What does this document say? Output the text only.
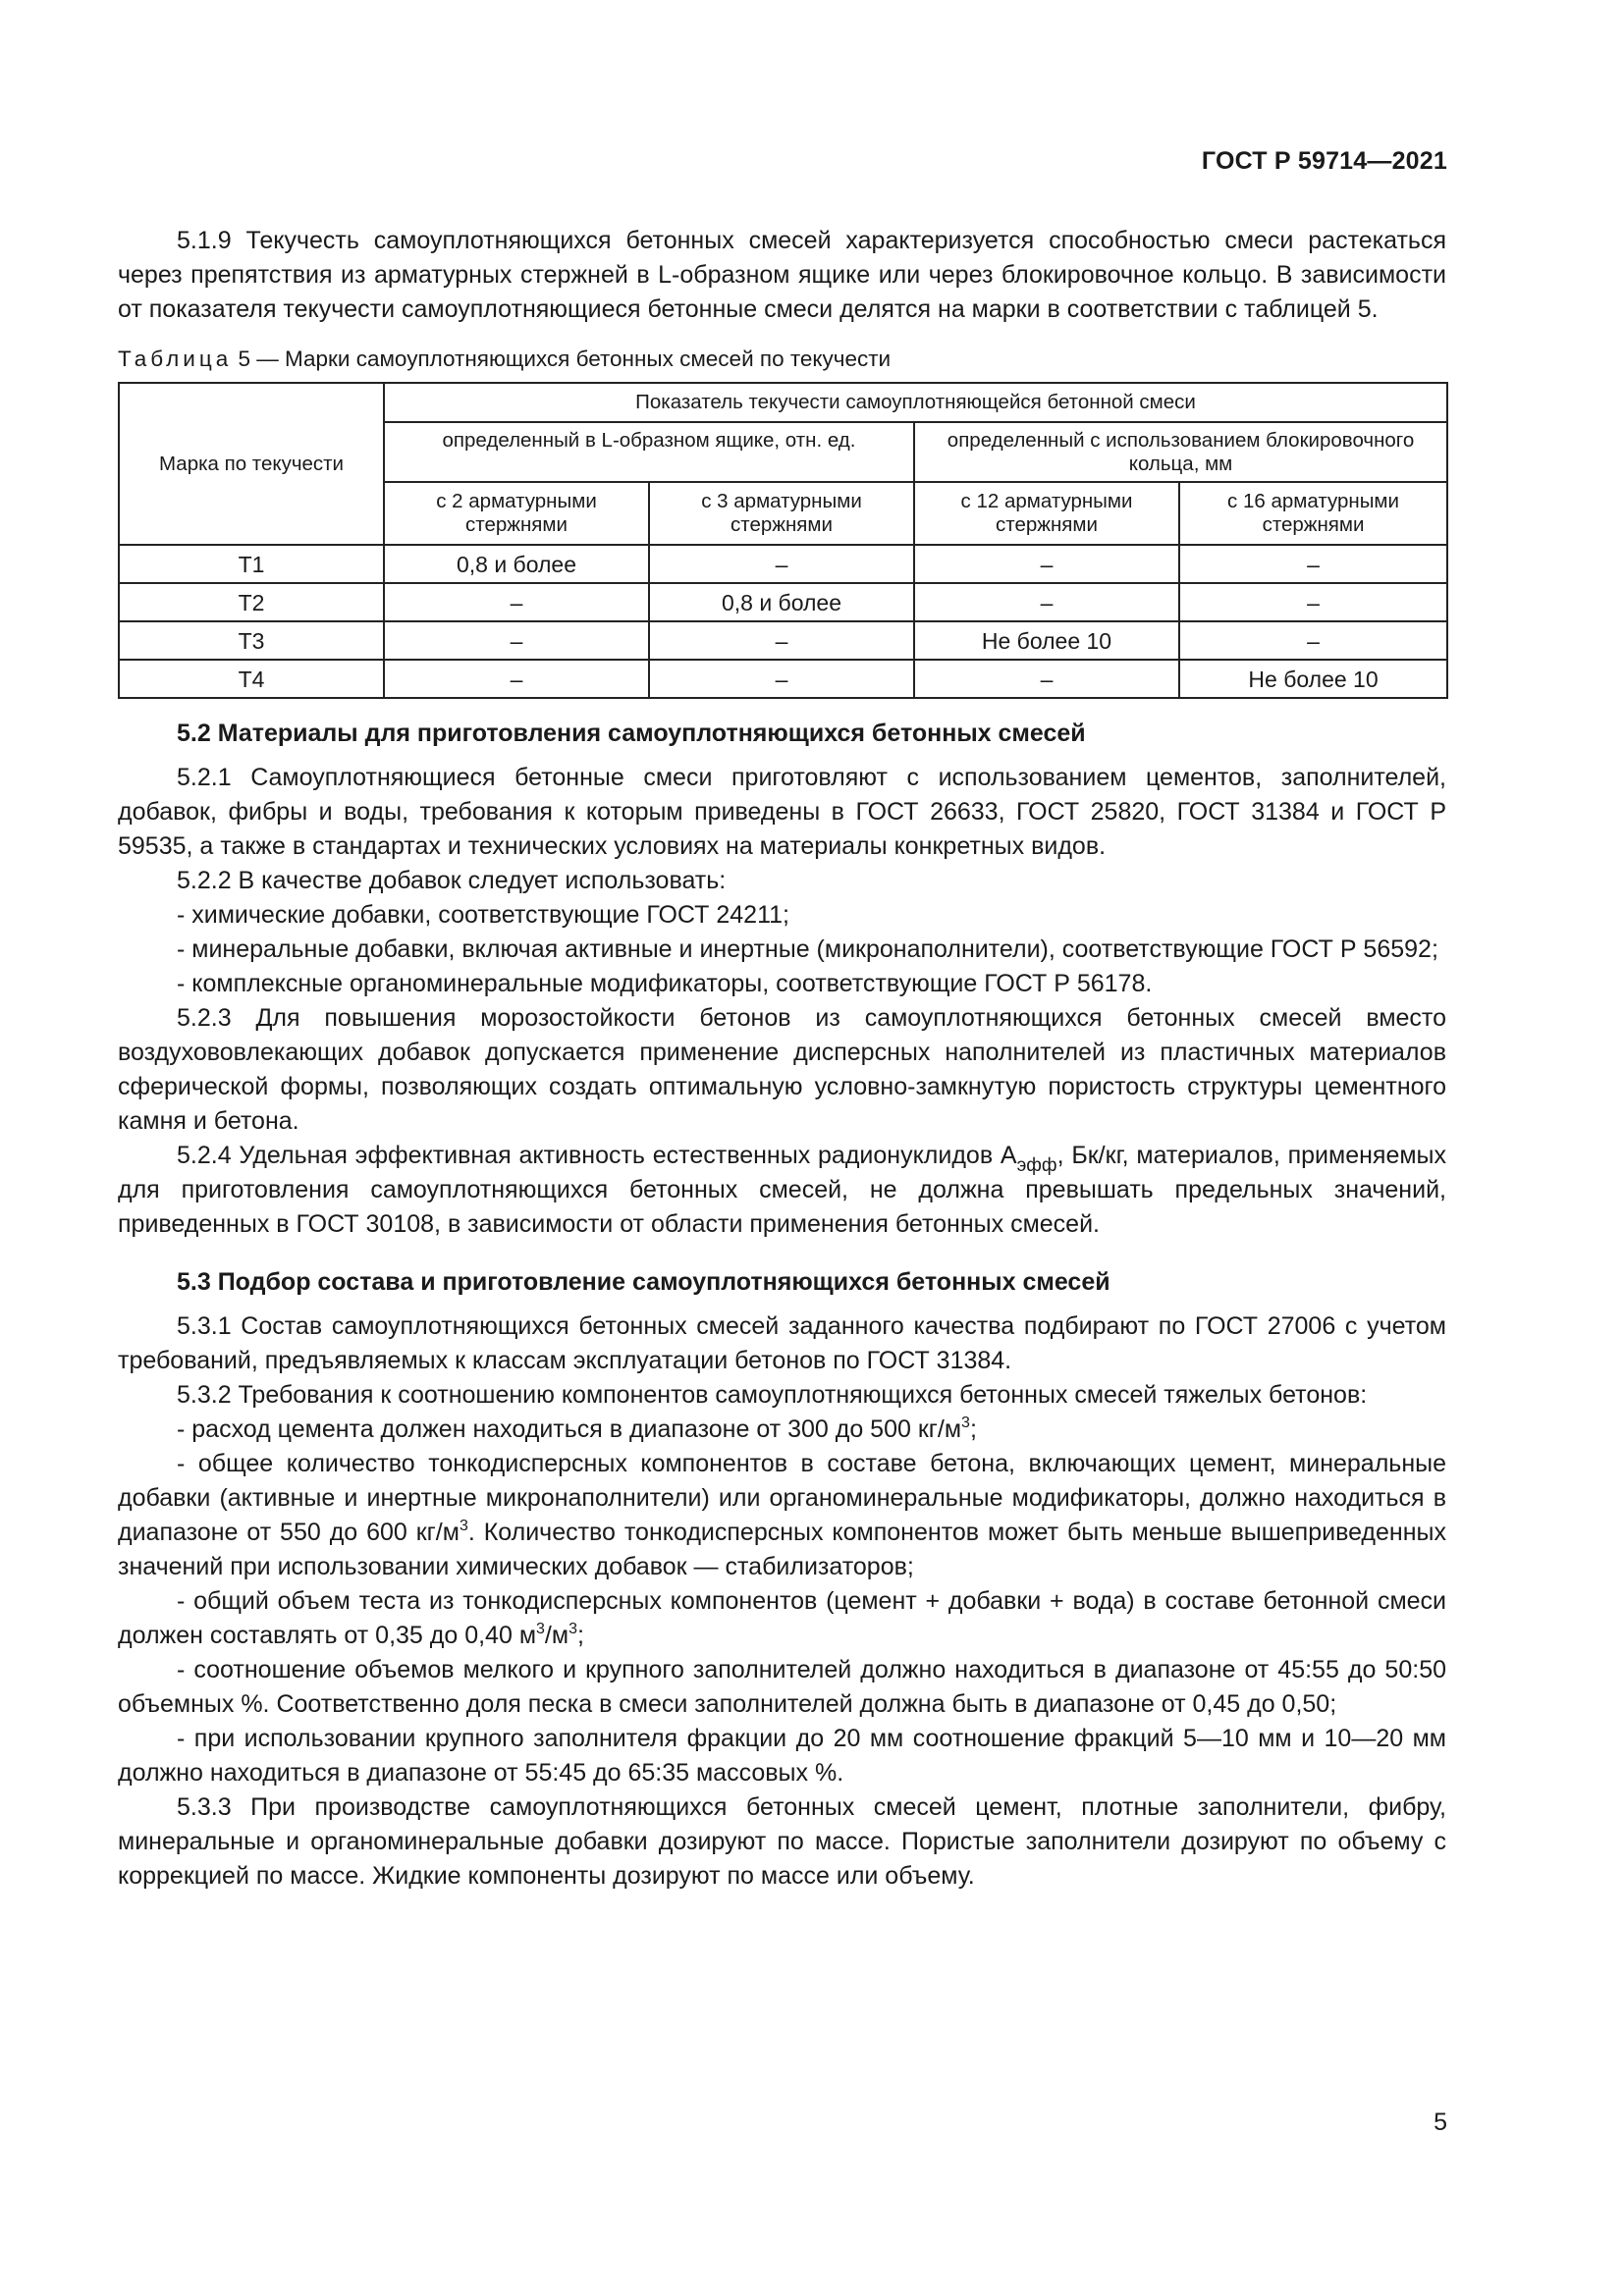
ГОСТ Р 59714—2021

5.1.9 Текучесть самоуплотняющихся бетонных смесей характеризуется способностью смеси растекаться через препятствия из арматурных стержней в L-образном ящике или через блокировочное кольцо. В зависимости от показателя текучести самоуплотняющиеся бетонные смеси делятся на марки в соответствии с таблицей 5.

Таблица 5 — Марки самоуплотняющихся бетонных смесей по текучести
Марка по текучести	Показатель текучести самоуплотняющейся бетонной смеси			
	определенный в L-образном ящике, отн. ед.		определенный с использованием блокировочного кольца, мм	
	с 2 арматурными стержнями	с 3 арматурными стержнями	с 12 арматурными стержнями	с 16 арматурными стержнями
Т1	0,8 и более	–	–	–
Т2	–	0,8 и более	–	–
Т3	–	–	Не более 10	–
Т4	–	–	–	Не более 10
5.2 Материалы для приготовления самоуплотняющихся бетонных смесей

5.2.1 Самоуплотняющиеся бетонные смеси приготовляют с использованием цементов, заполнителей, добавок, фибры и воды, требования к которым приведены в ГОСТ 26633, ГОСТ 25820, ГОСТ 31384 и ГОСТ Р 59535, а также в стандартах и технических условиях на материалы конкретных видов.

5.2.2 В качестве добавок следует использовать:

- химические добавки, соответствующие ГОСТ 24211;

- минеральные добавки, включая активные и инертные (микронаполнители), соответствующие ГОСТ Р 56592;

- комплексные органоминеральные модификаторы, соответствующие ГОСТ Р 56178.

5.2.3 Для повышения морозостойкости бетонов из самоуплотняющихся бетонных смесей вместо воздухововлекающих добавок допускается применение дисперсных наполнителей из пластичных материалов сферической формы, позволяющих создать оптимальную условно-замкнутую пористость структуры цементного камня и бетона.

5.2.4 Удельная эффективная активность естественных радионуклидов $А_{эфф}$, Бк/кг, материалов, применяемых для приготовления самоуплотняющихся бетонных смесей, не должна превышать предельных значений, приведенных в ГОСТ 30108, в зависимости от области применения бетонных смесей.

5.3 Подбор состава и приготовление самоуплотняющихся бетонных смесей

5.3.1 Состав самоуплотняющихся бетонных смесей заданного качества подбирают по ГОСТ 27006 с учетом требований, предъявляемых к классам эксплуатации бетонов по ГОСТ 31384.

5.3.2 Требования к соотношению компонентов самоуплотняющихся бетонных смесей тяжелых бетонов:

- расход цемента должен находиться в диапазоне от 300 до 500 $кг/м^3$;

- общее количество тонкодисперсных компонентов в составе бетона, включающих цемент, минеральные добавки (активные и инертные микронаполнители) или органоминеральные модификаторы, должно находиться в диапазоне от 550 до 600 $кг/м^3$. Количество тонкодисперсных компонентов может быть меньше вышеприведенных значений при использовании химических добавок — стабилизаторов;

- общий объем теста из тонкодисперсных компонентов (цемент + добавки + вода) в составе бетонной смеси должен составлять от 0,35 до 0,40 $м^3/м^3$;

- соотношение объемов мелкого и крупного заполнителей должно находиться в диапазоне от 45:55 до 50:50 объемных %. Соответственно доля песка в смеси заполнителей должна быть в диапазоне от 0,45 до 0,50;

- при использовании крупного заполнителя фракции до 20 мм соотношение фракций 5—10 мм и 10—20 мм должно находиться в диапазоне от 55:45 до 65:35 массовых %.

5.3.3 При производстве самоуплотняющихся бетонных смесей цемент, плотные заполнители, фибру, минеральные и органоминеральные добавки дозируют по массе. Пористые заполнители дозируют по объему с коррекцией по массе. Жидкие компоненты дозируют по массе или объему.

5
